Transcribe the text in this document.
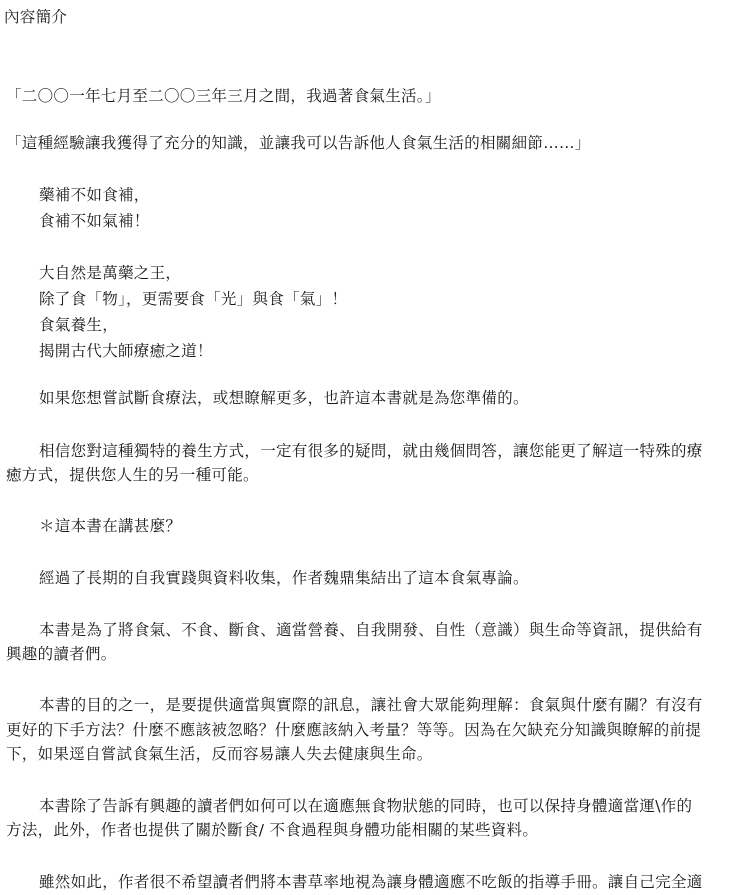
內容簡介
「二〇〇一年七月至二〇〇三年三月之間，我過著食氣生活。」
「這種經驗讓我獲得了充分的知識，並讓我可以告訴他人食氣生活的相關細節……」
藥補不如食補，
食補不如氣補！
大自然是萬藥之王，
除了食「物」，更需要食「光」與食「氣」！
食氣養生，
揭開古代大師療癒之道！
如果您想嘗試斷食療法，或想瞭解更多，也許這本書就是為您準備的。
相信您對這種獨特的養生方式，一定有很多的疑問，就由幾個問答，讓您能更了解這一特殊的療
癒方式，提供您人生的另一種可能。
＊這本書在講甚麼？
經過了長期的自我實踐與資料收集，作者魏鼎集結出了這本食氣專論。
本書是為了將食氣、不食、斷食、適當營養、自我開發、自性（意識）與生命等資訊，提供給有
興趣的讀者們。
本書的目的之一，是要提供適當與實際的訊息，讓社會大眾能夠理解：食氣與什麼有關？有沒有
更好的下手方法？什麼不應該被忽略？什麼應該納入考量？等等。因為在欠缺充分知識與瞭解的前提
下，如果逕自嘗試食氣生活，反而容易讓人失去健康與生命。
本書除了告訴有興趣的讀者們如何可以在適應無食物狀態的同時，也可以保持身體適當運\作的
方法，此外，作者也提供了關於斷食/ 不食過程與身體功能相關的某些資料。
雖然如此，作者很不希望讀者們將本書草率地視為讓身體適應不吃飯的指導手冊。讓自己完全適
